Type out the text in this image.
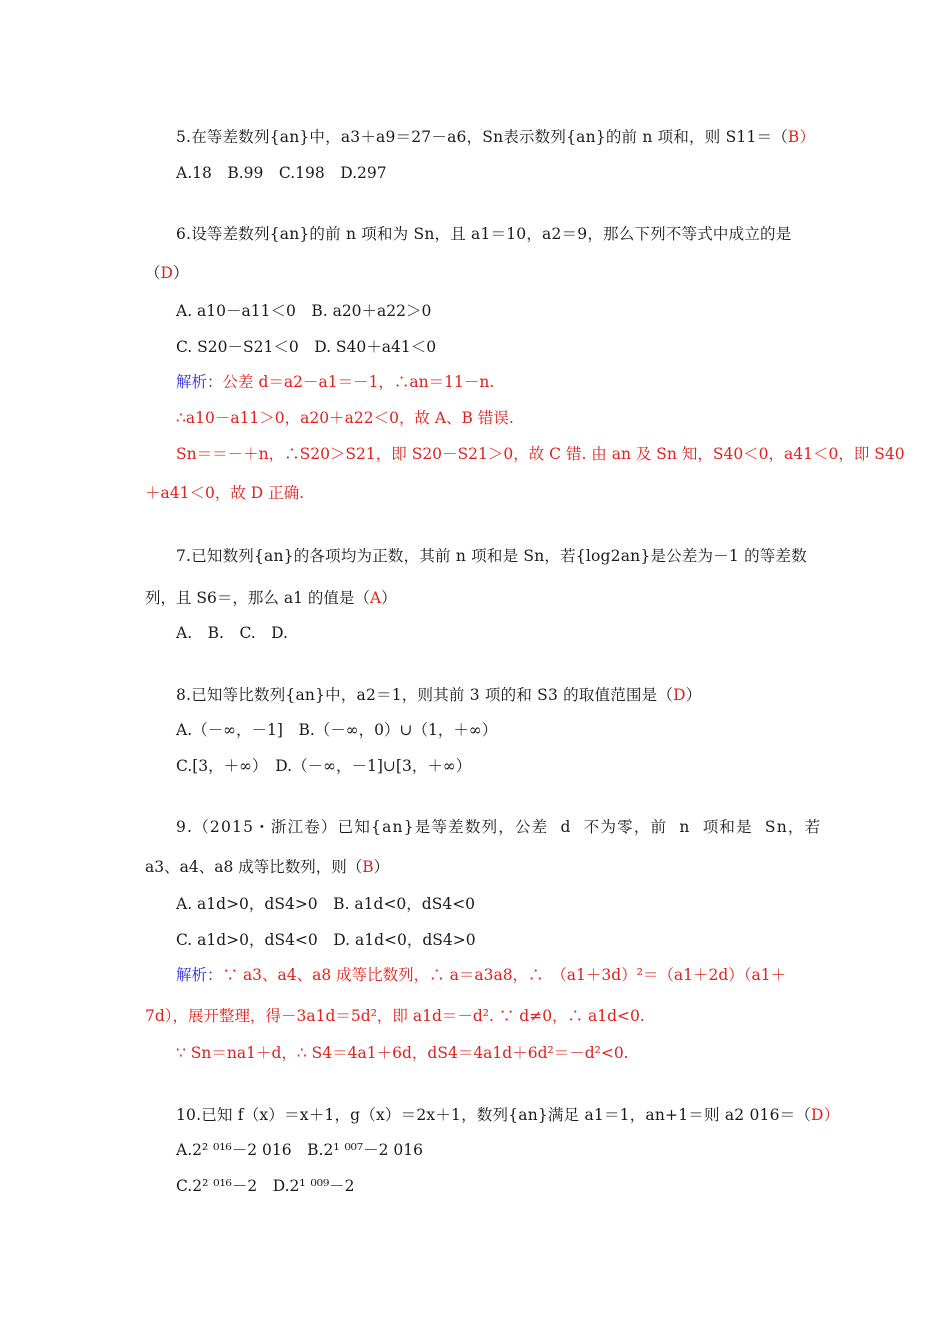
5.在等差数列{an}中，a3＋a9＝27－a6，Sn表示数列{an}的前 n 项和，则 S11＝（B）
A.18　B.99　C.198　D.297
6.设等差数列{an}的前 n 项和为 Sn，且 a1＝10，a2＝9，那么下列不等式中成立的是
（D）
A. a10－a11＜0　B. a20＋a22＞0
C. S20－S21＜0　D. S40＋a41＜0
解析：公差 d＝a2－a1＝－1，∴an＝11－n.
∴a10－a11＞0，a20＋a22＜0，故 A、B 错误.
Sn＝＝－＋n，∴S20＞S21，即 S20－S21＞0，故 C 错. 由 an 及 Sn 知，S40＜0，a41＜0，即 S40
＋a41＜0，故 D 正确.
7.已知数列{an}的各项均为正数，其前 n 项和是 Sn，若{log2an}是公差为－1 的等差数
列，且 S6＝，那么 a1 的值是（A）
A.　B.　C.　D.
8.已知等比数列{an}中，a2＝1，则其前 3 项的和 S3 的取值范围是（D）
A.（－∞，－1]　B.（－∞，0）∪（1，＋∞）
C.[3，＋∞）　D.（－∞，－1]∪[3，＋∞）
9.（2015・浙江卷）已知{an}是等差数列，公差 d 不为零，前 n 项和是 Sn，若
a3、a4、a8 成等比数列，则（B）
A. a1d>0，dS4>0　B. a1d<0，dS4<0
C. a1d>0，dS4<0　D. a1d<0，dS4>0
解析：∵ a3、a4、a8 成等比数列，∴ a＝a3a8，∴　（a1＋3d）²＝（a1＋2d）（a1＋
7d），展开整理，得－3a1d＝5d²，即 a1d＝－d². ∵ d≠0，∴ a1d<0.
∵ Sn＝na1＋d，∴ S4＝4a1＋6d，dS4＝4a1d＋6d²＝－d²<0.
10.已知 f（x）＝x＋1，g（x）＝2x＋1，数列{an}满足 a1＝1，an+1＝则 a2 016＝（D）
A.2² ⁰¹⁶－2 016　B.2¹ ⁰⁰⁷－2 016
C.2² ⁰¹⁶－2　D.2¹ ⁰⁰⁹－2
